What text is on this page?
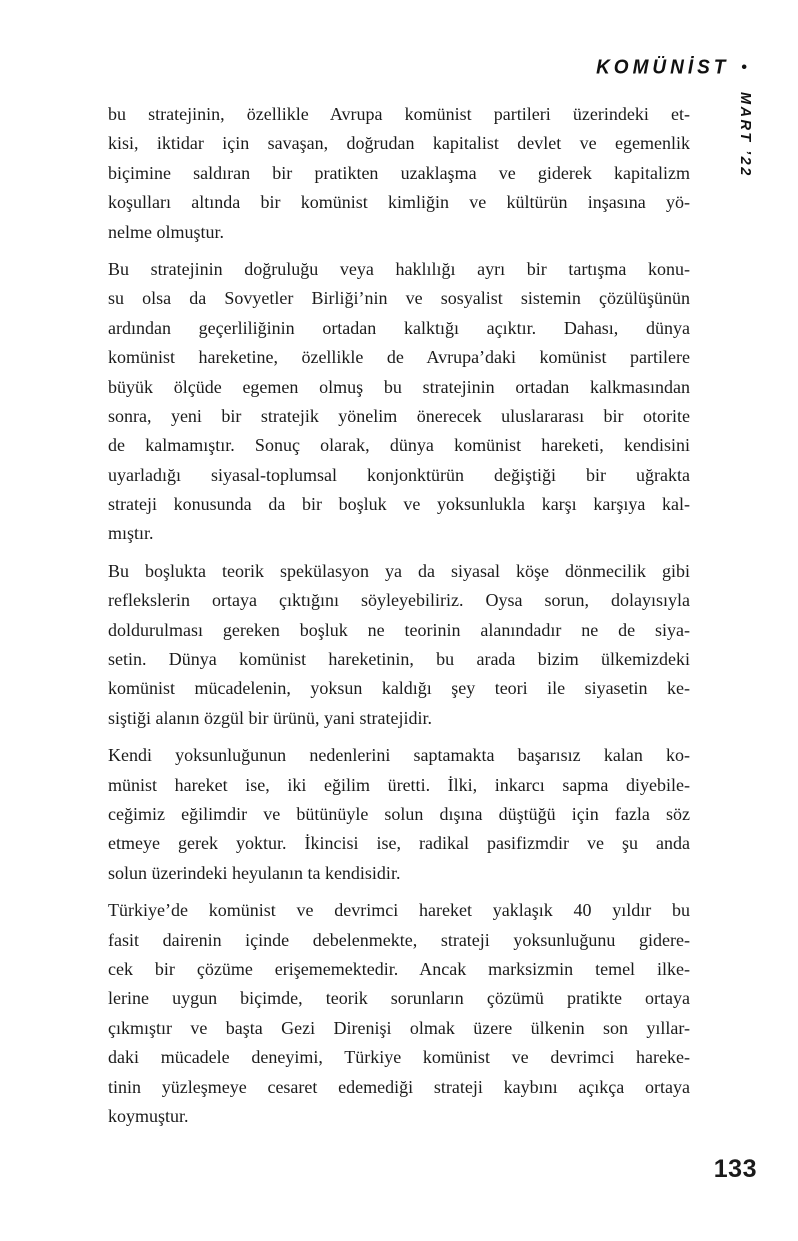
KOMÜNİST •
MART ’22
bu stratejinin, özellikle Avrupa komünist partileri üzerindeki et-
kisi, iktidar için savaşan, doğrudan kapitalist devlet ve egemenlik
biçimine saldıran bir pratikten uzaklaşma ve giderek kapitalizm
koşulları altında bir komünist kimliğin ve kültürün inşasına yö-
nelme olmuştur.
Bu stratejinin doğruluğu veya haklılığı ayrı bir tartışma konu-
su olsa da Sovyetler Birliği’nin ve sosyalist sistemin çözülüşünün
ardından geçerliliğinin ortadan kalktığı açıktır. Dahası, dünya
komünist hareketine, özellikle de Avrupa’daki komünist partilere
büyük ölçüde egemen olmuş bu stratejinin ortadan kalkmasından
sonra, yeni bir stratejik yönelim önerecek uluslararası bir otorite
de kalmamıştır. Sonuç olarak, dünya komünist hareketi, kendisini
uyarladığı siyasal-toplumsal konjonktürün değiştiği bir uğrakta
strateji konusunda da bir boşluk ve yoksunlukla karşı karşıya kal-
mıştır.
Bu boşlukta teorik spekülasyon ya da siyasal köşe dönmecilik gibi
reflekslerin ortaya çıktığını söyleyebiliriz. Oysa sorun, dolayısıyla
doldurulması gereken boşluk ne teorinin alanındadır ne de siya-
setin. Dünya komünist hareketinin, bu arada bizim ülkemizdeki
komünist mücadelenin, yoksun kaldığı şey teori ile siyasetin ke-
siştiği alanın özgül bir ürünü, yani stratejidir.
Kendi yoksunluğunun nedenlerini saptamakta başarısız kalan ko-
münist hareket ise, iki eğilim üretti. İlki, inkarcı sapma diyebile-
ceğimiz eğilimdir ve bütünüyle solun dışına düştüğü için fazla söz
etmeye gerek yoktur. İkincisi ise, radikal pasifizmdir ve şu anda
solun üzerindeki heyulanın ta kendisidir.
Türkiye’de komünist ve devrimci hareket yaklaşık 40 yıldır bu
fasit dairenin içinde debelenmekte, strateji yoksunluğunu gidere-
cek bir çözüme erişememektedir. Ancak marksizmin temel ilke-
lerine uygun biçimde, teorik sorunların çözümü pratikte ortaya
çıkmıştır ve başta Gezi Direnişi olmak üzere ülkenin son yıllar-
daki mücadele deneyimi, Türkiye komünist ve devrimci hareke-
tinin yüzleşmeye cesaret edemediği strateji kaybını açıkça ortaya
koymuştur.
133
